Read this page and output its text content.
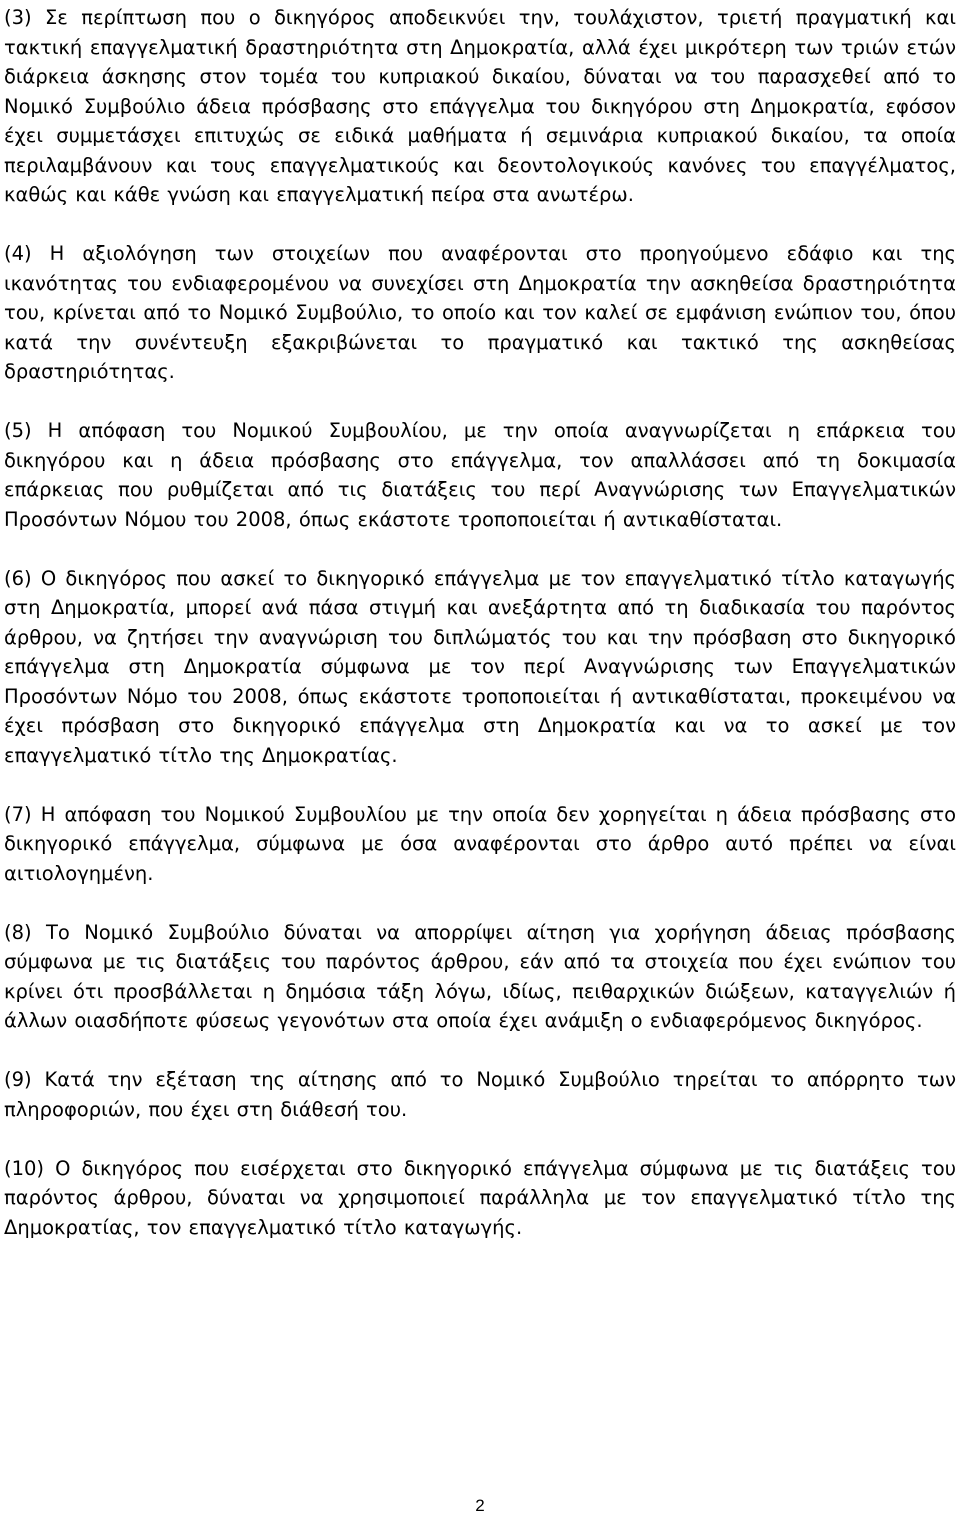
(3) Σε περίπτωση που ο δικηγόρος αποδεικνύει την, τουλάχιστον, τριετή πραγματική και τακτική επαγγελματική δραστηριότητα στη Δημοκρατία, αλλά έχει μικρότερη των τριών ετών διάρκεια άσκησης στον τομέα του κυπριακού δικαίου, δύναται να του παρασχεθεί από το Νομικό Συμβούλιο άδεια πρόσβασης στο επάγγελμα του δικηγόρου στη Δημοκρατία, εφόσον έχει συμμετάσχει επιτυχώς σε ειδικά μαθήματα ή σεμινάρια κυπριακού δικαίου, τα οποία περιλαμβάνουν και τους επαγγελματικούς και δεοντολογικούς κανόνες του επαγγέλματος, καθώς και κάθε γνώση και επαγγελματική πείρα στα ανωτέρω.

(4) Η αξιολόγηση των στοιχείων που αναφέρονται στο προηγούμενο εδάφιο και της ικανότητας του ενδιαφερομένου να συνεχίσει στη Δημοκρατία την ασκηθείσα δραστηριότητα του, κρίνεται από το Νομικό Συμβούλιο, το οποίο και τον καλεί σε εμφάνιση ενώπιον του, όπου κατά την συνέντευξη εξακριβώνεται το πραγματικό και τακτικό της ασκηθείσας δραστηριότητας.

(5) Η απόφαση του Νομικού Συμβουλίου, με την οποία αναγνωρίζεται η επάρκεια του δικηγόρου και η άδεια πρόσβασης στο επάγγελμα, τον απαλλάσσει από τη δοκιμασία επάρκειας που ρυθμίζεται από τις διατάξεις του περί Αναγνώρισης των Επαγγελματικών Προσόντων Νόμου του 2008, όπως εκάστοτε τροποποιείται ή αντικαθίσταται.

(6) Ο δικηγόρος που ασκεί το δικηγορικό επάγγελμα με τον επαγγελματικό τίτλο καταγωγής στη Δημοκρατία, μπορεί ανά πάσα στιγμή και ανεξάρτητα από τη διαδικασία του παρόντος άρθρου, να ζητήσει την αναγνώριση του διπλώματός του και την πρόσβαση στο δικηγορικό επάγγελμα στη Δημοκρατία σύμφωνα με τον περί Αναγνώρισης των Επαγγελματικών Προσόντων Νόμο του 2008, όπως εκάστοτε τροποποιείται ή αντικαθίσταται, προκειμένου να έχει πρόσβαση στο δικηγορικό επάγγελμα στη Δημοκρατία και να το ασκεί με τον επαγγελματικό τίτλο της Δημοκρατίας.

(7) Η απόφαση του Νομικού Συμβουλίου με την οποία δεν χορηγείται η άδεια πρόσβασης στο δικηγορικό επάγγελμα, σύμφωνα με όσα αναφέρονται στο άρθρο αυτό πρέπει να είναι αιτιολογημένη.

(8) Το Νομικό Συμβούλιο δύναται να απορρίψει αίτηση για χορήγηση άδειας πρόσβασης σύμφωνα με τις διατάξεις του παρόντος άρθρου, εάν από τα στοιχεία που έχει ενώπιον του κρίνει ότι προσβάλλεται η δημόσια τάξη λόγω, ιδίως, πειθαρχικών διώξεων, καταγγελιών ή άλλων οιασδήποτε φύσεως γεγονότων στα οποία έχει ανάμιξη ο ενδιαφερόμενος δικηγόρος.

(9) Κατά την εξέταση της αίτησης από το Νομικό Συμβούλιο τηρείται το απόρρητο των πληροφοριών, που έχει στη διάθεσή του.

(10) Ο δικηγόρος που εισέρχεται στο δικηγορικό επάγγελμα σύμφωνα με τις διατάξεις του παρόντος άρθρου, δύναται να χρησιμοποιεί παράλληλα με τον επαγγελματικό τίτλο της Δημοκρατίας, τον επαγγελματικό τίτλο καταγωγής.

2
